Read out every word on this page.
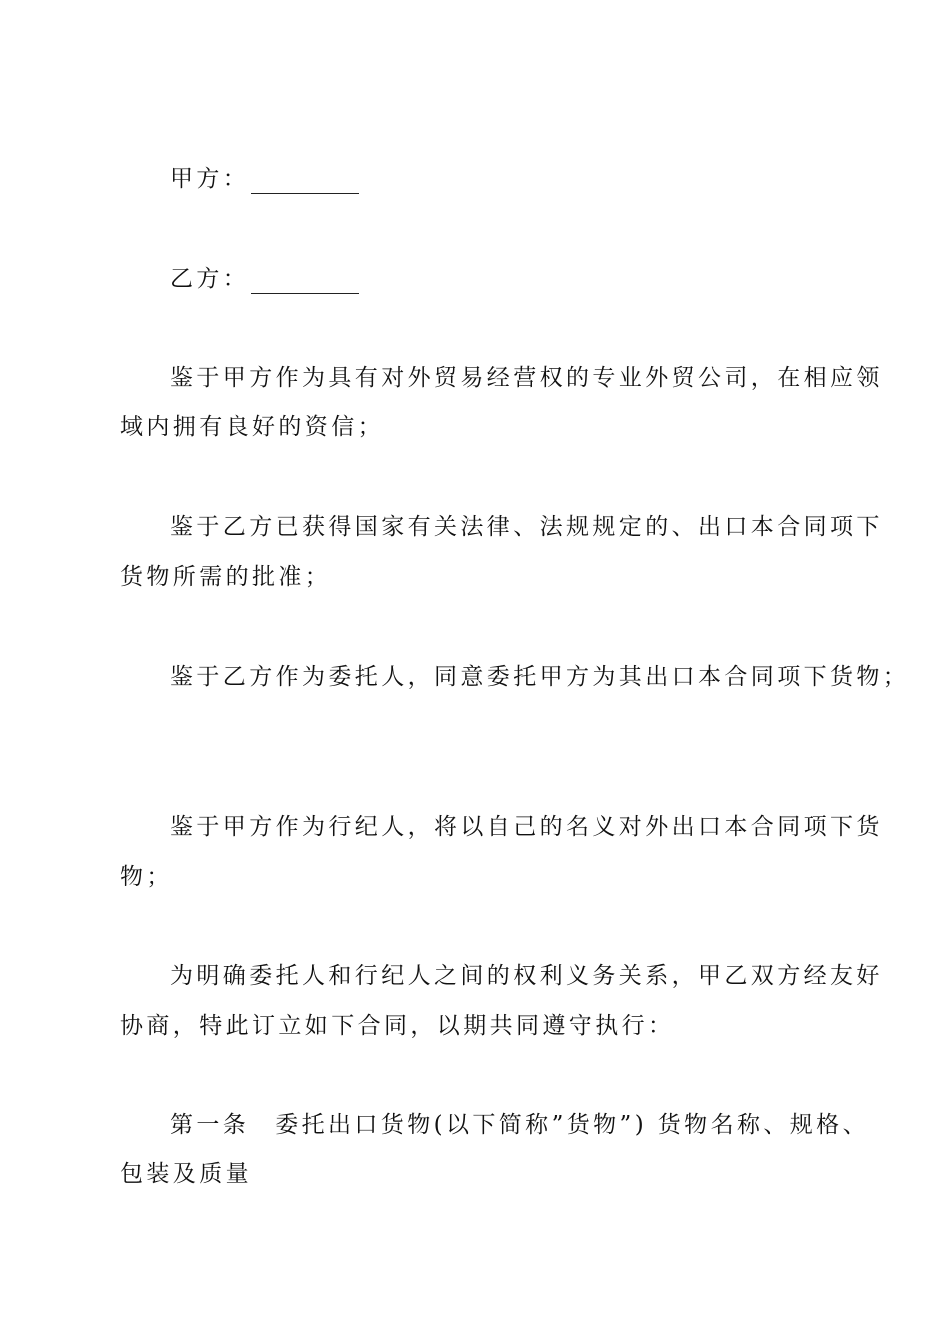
甲方：
乙方：
鉴于甲方作为具有对外贸易经营权的专业外贸公司，在相应领
域内拥有良好的资信；
鉴于乙方已获得国家有关法律、法规规定的、出口本合同项下
货物所需的批准；
鉴于乙方作为委托人，同意委托甲方为其出口本合同项下货物；
鉴于甲方作为行纪人，将以自己的名义对外出口本合同项下货
物；
为明确委托人和行纪人之间的权利义务关系，甲乙双方经友好
协商，特此订立如下合同，以期共同遵守执行：
第一条 委托出口货物(以下简称”货物”) 货物名称、规格、
包装及质量
